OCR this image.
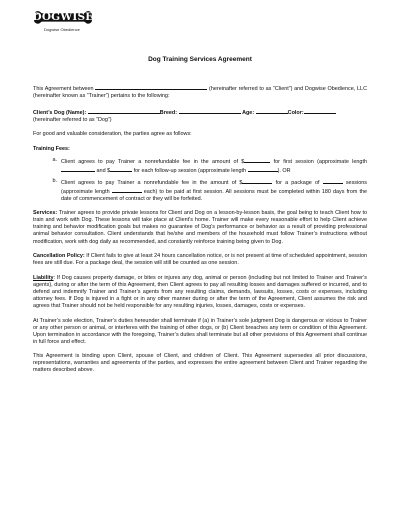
DOGWISE
Dogwise Obedience
Dog Training Services Agreement

This Agreement between	(hereinafter referred to as “Client”) and Dogwise Obedience, LLC (hereinafter known as “Trainer”) pertains to the following:

Client’s Dog (Name):	Breed:	Age:	Color:
(hereinafter referred to as “Dog”)

For good and valuable consideration, the parties agree as follows:

Training Fees:
a. Client agrees to pay Trainer a nonrefundable fee in the amount of $	for first session (approximate length  and $	for each follow-up session (approximate length	). OR
b. Client agrees to pay Trainer a nonrefundable fee in the amount of $	for a package of	sessions (approximate length	each) to be paid at first session. All sessions must be completed within 180 days from the date of commencement of contract or they will be forfeited.

Services: Trainer agrees to provide private lessons for Client and Dog on a lesson-by-lesson basis, the goal being to teach Client how to train and work with Dog. These lessons will take place at Client’s home. Trainer will make every reasonable effort to help Client achieve training and behavior modification goals but makes no guarantee of Dog’s performance or behavior as a result of providing professional animal behavior consultation. Client understands that he/she and members of the household must follow Trainer’s instructions without modification, work with dog daily as recommended, and constantly reinforce training being given to Dog.

Cancellation Policy: If Client fails to give at least 24 hours cancellation notice, or is not present at time of scheduled appointment, session fees are still due. For a package deal, the session will still be counted as one session.

Liability: If Dog causes property damage, or bites or injures any dog, animal or person (including but not limited to Trainer and Trainer’s agents), during or after the term of this Agreement, then Client agrees to pay all resulting losses and damages suffered or incurred, and to defend and indemnify Trainer and Trainer’s agents from any resulting claims, demands, lawsuits, losses, costs or expenses, including attorney fees. If Dog is injured in a fight or in any other manner during or after the term of the Agreement, Client assumes the risk and agrees that Trainer should not be held responsible for any resulting injuries, losses, damages, costs or expenses.

At Trainer’s sole election, Trainer’s duties hereunder shall terminate if (a) in Trainer’s sole judgment Dog is dangerous or vicious to Trainer or any other person or animal, or interferes with the training of other dogs, or (b) Client breaches any term or condition of this Agreement. Upon termination in accordance with the foregoing, Trainer’s duties shall terminate but all other provisions of this Agreement shall continue in full force and effect.

This Agreement is binding upon Client, spouse of Client, and children of Client. This Agreement supersedes all prior discussions, representations, warranties and agreements of the parties, and expresses the entire agreement between Client and Trainer regarding the matters described above.
